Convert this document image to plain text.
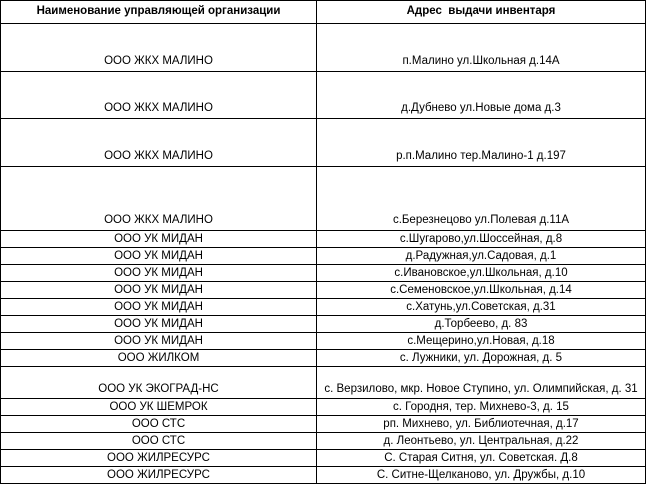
Наименование управляющей организации	Адрес  выдачи инвентаря
ООО ЖКХ МАЛИНО	п.Малино ул.Школьная д.14А
ООО ЖКХ МАЛИНО	д.Дубнево ул.Новые дома д.3
ООО ЖКХ МАЛИНО	р.п.Малино тер.Малино-1 д.197
ООО ЖКХ МАЛИНО	с.Березнецово ул.Полевая д.11А
ООО УК МИДАН	с.Шугарово,ул.Шоссейная, д.8
ООО УК МИДАН	д.Радужная,ул.Садовая, д.1
ООО УК МИДАН	с.Ивановское,ул.Школьная, д.10
ООО УК МИДАН	с.Семеновское,ул.Школьная, д.14
ООО УК МИДАН	с.Хатунь,ул.Советская, д.31
ООО УК МИДАН	д.Торбеево, д. 83
ООО УК МИДАН	с.Мещерино,ул.Новая, д.18
ООО ЖИЛКОМ	с. Лужники, ул. Дорожная, д. 5
ООО УК ЭКОГРАД-НС	с. Верзилово, мкр. Новое Ступино, ул. Олимпийская, д. 31
ООО УК ШЕМРОК	с. Городня, тер. Михнево-3, д. 15
ООО СТС	рп. Михнево, ул. Библиотечная, д.17
ООО СТС	д. Леонтьево, ул. Центральная, д.22
ООО ЖИЛРЕСУРС	С. Старая Ситня, ул. Советская. Д.8
ООО ЖИЛРЕСУРС	С. Ситне-Щелканово, ул. Дружбы, д.10
